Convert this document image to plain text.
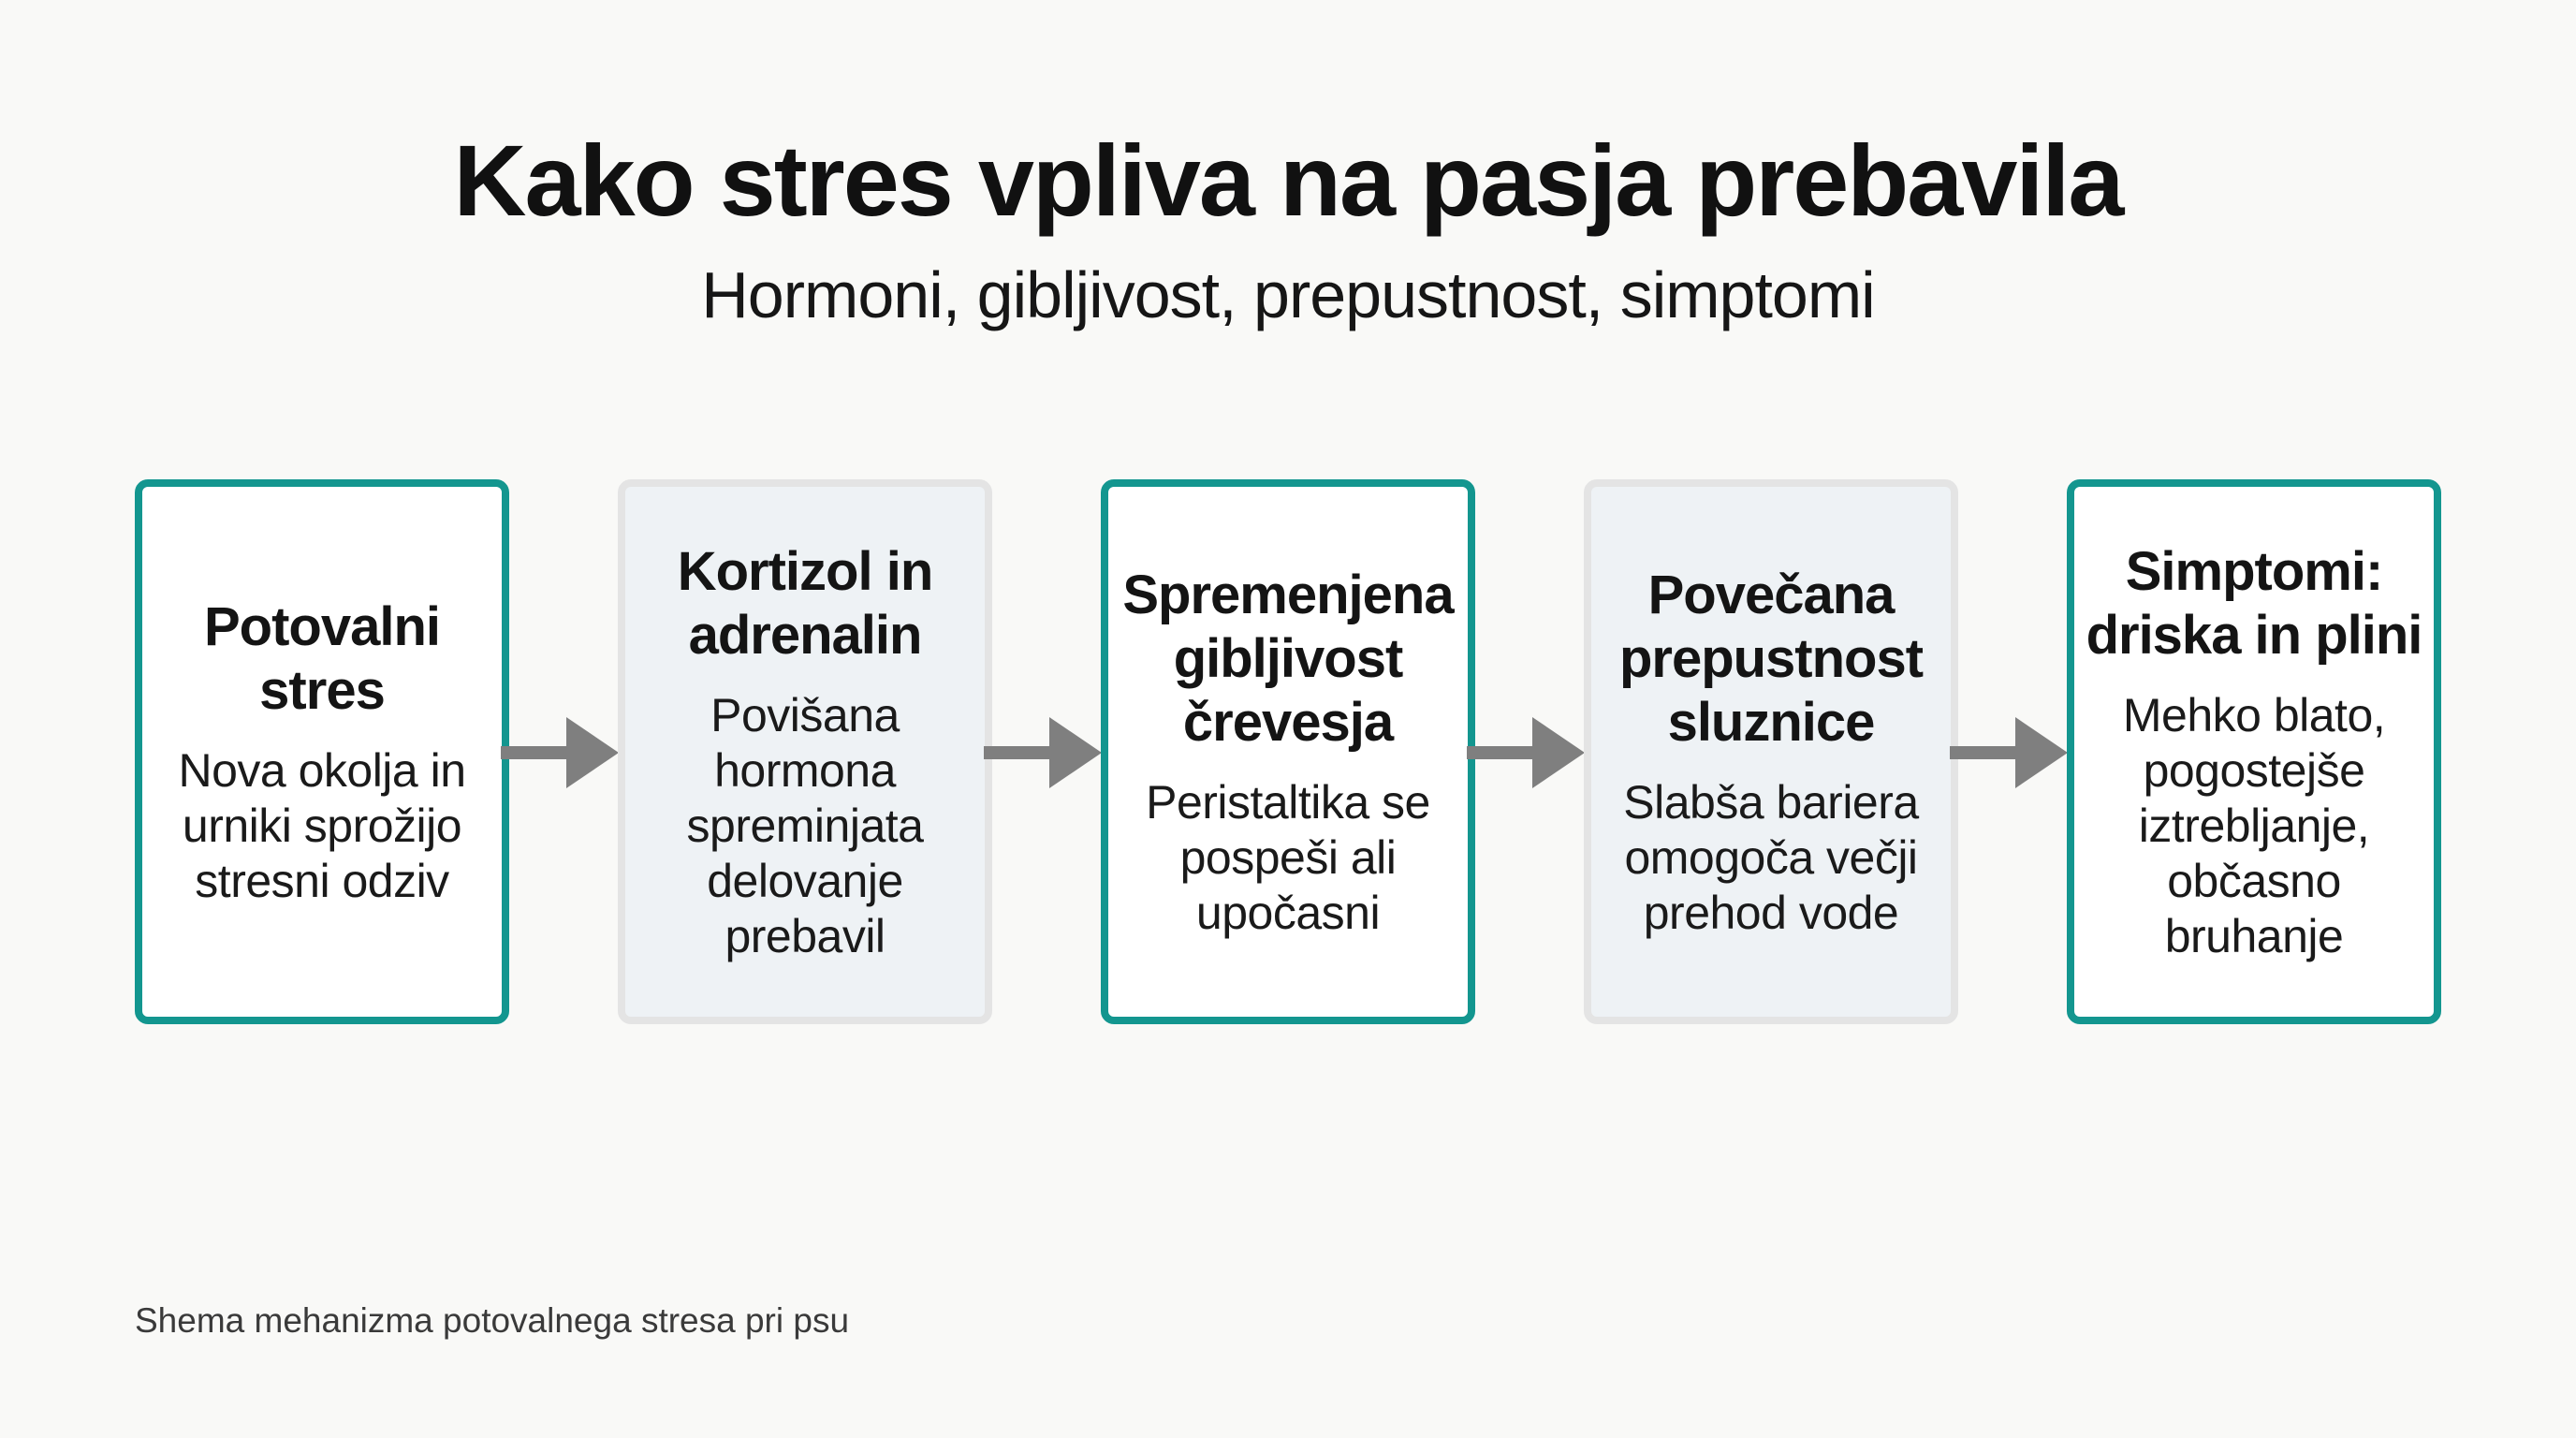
Kako stres vpliva na pasja prebavila
Hormoni, gibljivost, prepustnost, simptomi
Potovalni stres
Nova okolja in urniki sprožijo stresni odziv
Kortizol in adrenalin
Povišana hormona spreminjata delovanje prebavil
Spremenjena gibljivost črevesja
Peristaltika se pospeši ali upočasni
Povečana prepustnost sluznice
Slabša bariera omogoča večji prehod vode
Simptomi: driska in plini
Mehko blato, pogostejše iztrebljanje, občasno bruhanje
Shema mehanizma potovalnega stresa pri psu
